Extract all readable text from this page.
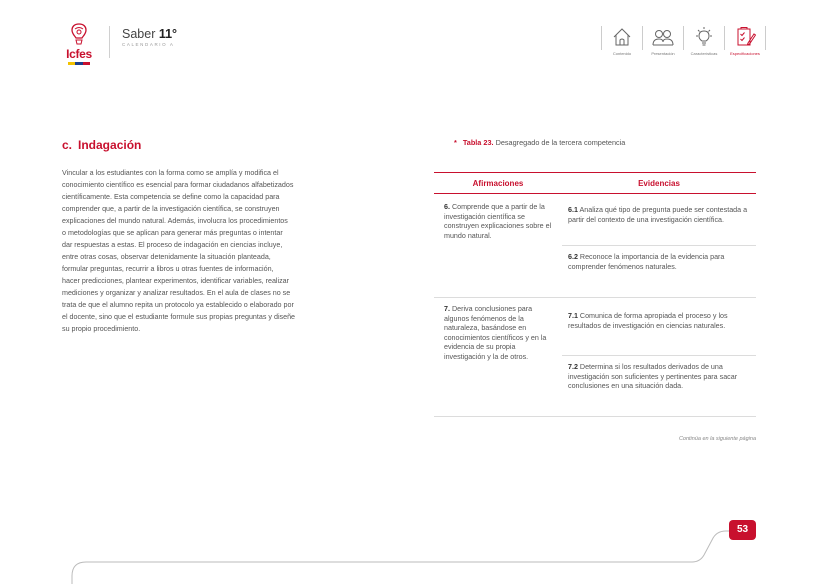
Icfes
Saber 11°
CALENDARIO A
Contenido	Presentación	Características	Especificaciones
c. Indagación
Vincular a los estudiantes con la forma como se amplía y modifica el
conocimiento científico es esencial para formar ciudadanos alfabetizados
científicamente. Esta competencia se define como la capacidad para
comprender que, a partir de la investigación científica, se construyen
explicaciones del mundo natural. Además, involucra los procedimientos
o metodologías que se aplican para generar más preguntas o intentar
dar respuestas a estas. El proceso de indagación en ciencias incluye,
entre otras cosas, observar detenidamente la situación planteada,
formular preguntas, recurrir a libros u otras fuentes de información,
hacer predicciones, plantear experimentos, identificar variables, realizar
mediciones y organizar y analizar resultados. En el aula de clases no se
trata de que el alumno repita un protocolo ya establecido o elaborado por
el docente, sino que el estudiante formule sus propias preguntas y diseñe
su propio procedimiento.
* Tabla 23. Desagregado de la tercera competencia
Afirmaciones	Evidencias
6. Comprende que a partir de la investigación científica se construyen explicaciones sobre el mundo natural.
6.1 Analiza qué tipo de pregunta puede ser contestada a partir del contexto de una investigación científica.
6.2 Reconoce la importancia de la evidencia para comprender fenómenos naturales.
7. Deriva conclusiones para algunos fenómenos de la naturaleza, basándose en conocimientos científicos y en la evidencia de su propia investigación y la de otros.
7.1 Comunica de forma apropiada el proceso y los resultados de investigación en ciencias naturales.
7.2 Determina si los resultados derivados de una investigación son suficientes y pertinentes para sacar conclusiones en una situación dada.
Continúa en la siguiente página
53
